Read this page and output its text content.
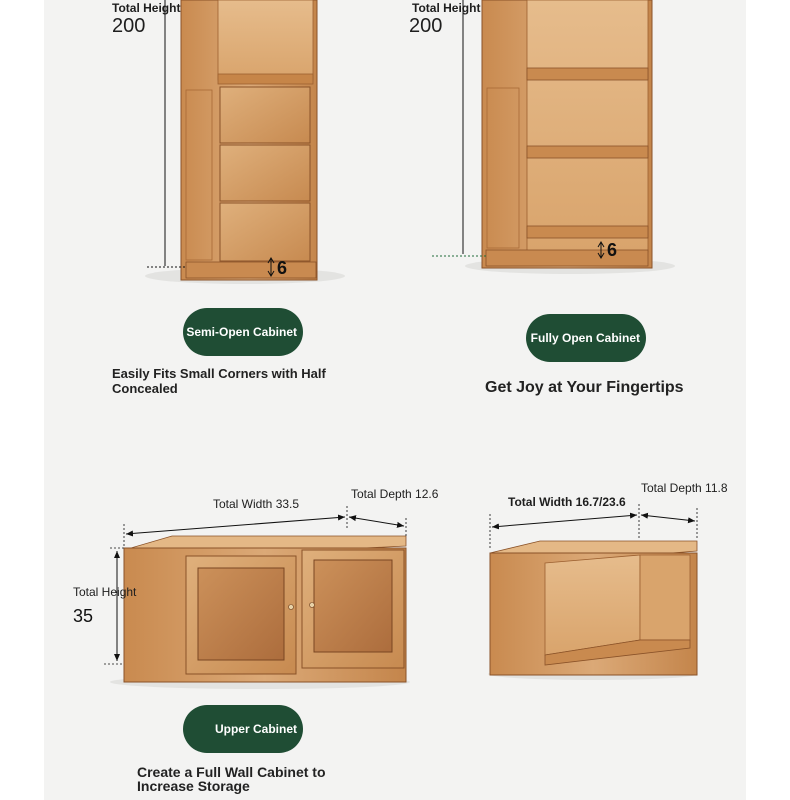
Total Height
200
6
Semi-Open Cabinet
Easily Fits Small Corners with Half Concealed
Total Height
200
6
Fully Open Cabinet
Get Joy at Your Fingertips
Total Width 33.5
Total Depth 12.6
Total Height
35
Upper Cabinet
Create a Full Wall Cabinet to Increase Storage
Total Width 16.7/23.6
Total Depth 11.8
